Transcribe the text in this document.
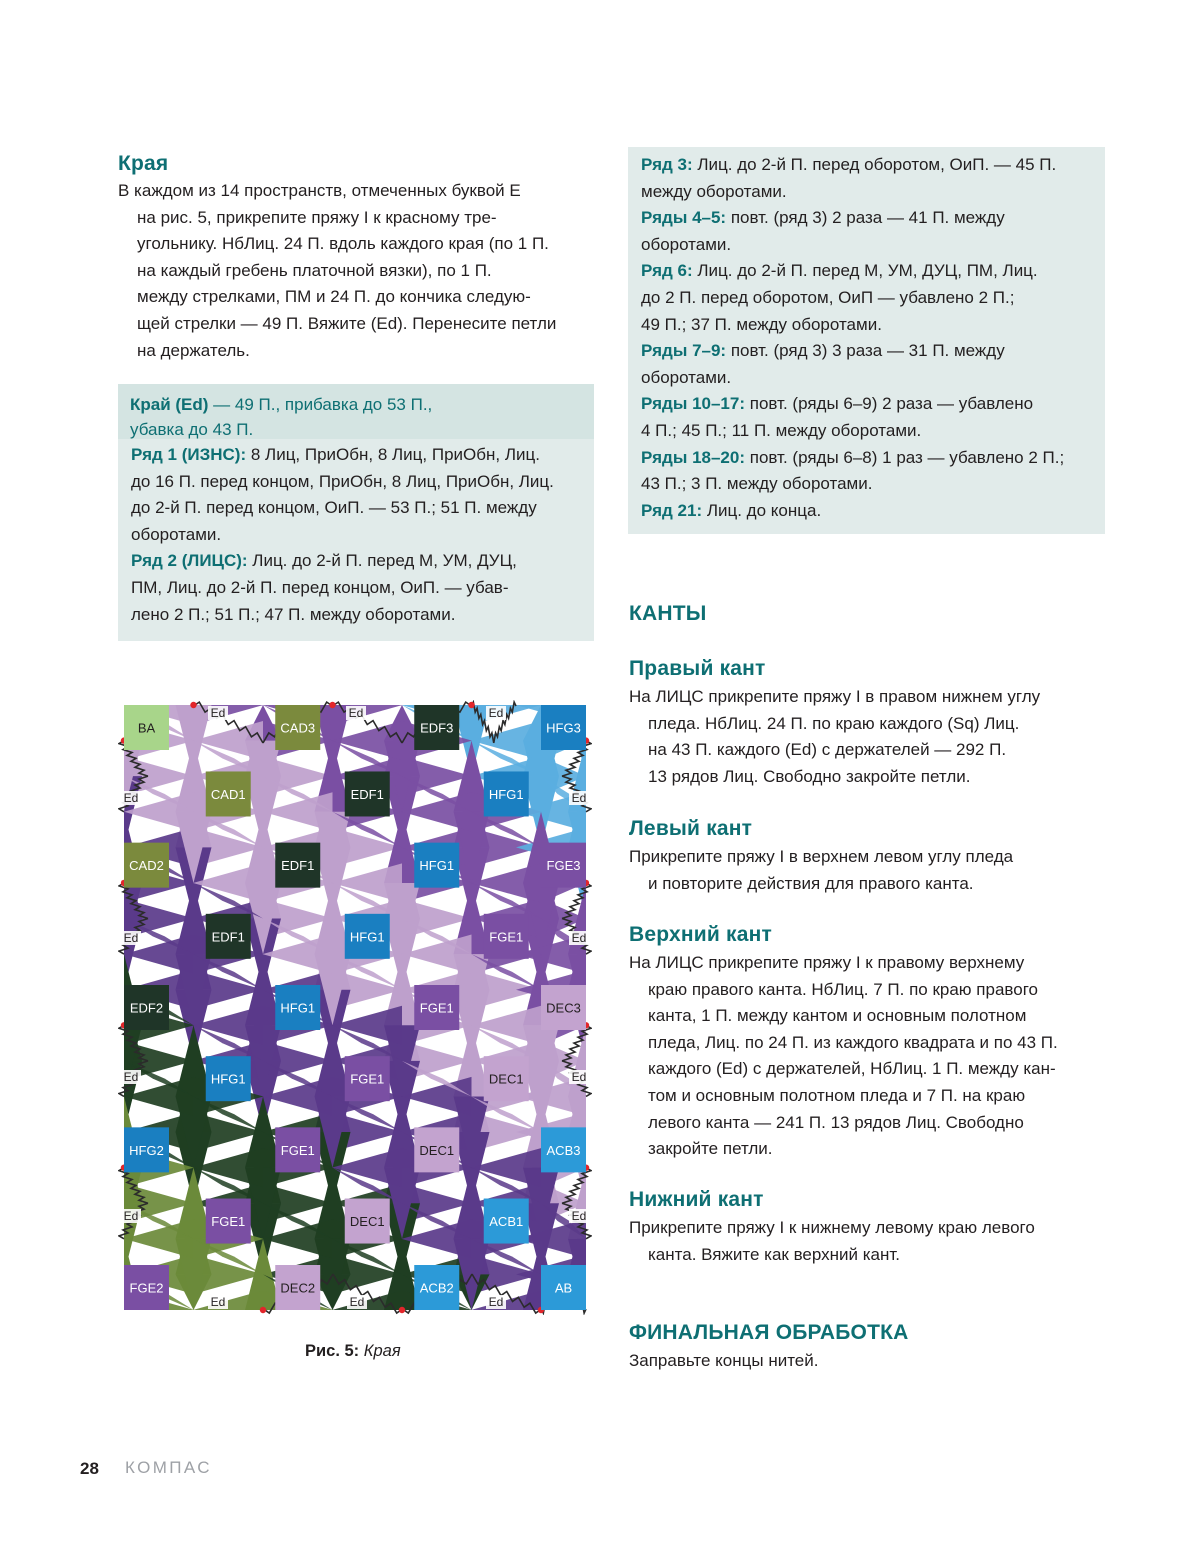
Края
В каждом из 14 пространств, отмеченных буквой E
на рис. 5, прикрепите пряжу I к красному тре-
угольнику. НбЛиц. 24 П. вдоль каждого края (по 1 П.
на каждый гребень платочной вязки), по 1 П.
между стрелками, ПМ и 24 П. до кончика следую-
щей стрелки — 49 П. Вяжите (Ed). Перенесите петли
на держатель.
Край (Ed) — 49 П., прибавка до 53 П.,
убавка до 43 П.
Ряд 1 (ИЗНС): 8 Лиц, ПриОбн, 8 Лиц, ПриОбн, Лиц.
до 16 П. перед концом, ПриОбн, 8 Лиц, ПриОбн, Лиц.
до 2-й П. перед концом, ОиП. — 53 П.; 51 П. между
оборотами.
Ряд 2 (ЛИЦС): Лиц. до 2-й П. перед М, УМ, ДУЦ,
ПМ, Лиц. до 2-й П. перед концом, ОиП. — убав-
лено 2 П.; 51 П.; 47 П. между оборотами.
BA	CAD3	EDF3	HFG3
CAD1	EDF1	HFG1
CAD2	EDF1	HFG1	FGE3
EDF1	HFG1	FGE1
EDF2	HFG1	FGE1	DEC3
HFG1	FGE1	DEC1
HFG2	FGE1	DEC1	ACB3
FGE1	DEC1	ACB1
FGE2	DEC2	ACB2	AB
Ed	Ed	Ed
Ed	Ed
Ed	Ed
Ed	Ed
Ed	Ed
Ed	Ed	Ed
Рис. 5: Края
Ряд 3: Лиц. до 2-й П. перед оборотом, ОиП. — 45 П.
между оборотами.
Ряды 4–5: повт. (ряд 3) 2 раза — 41 П. между
оборотами.
Ряд 6: Лиц. до 2-й П. перед М, УМ, ДУЦ, ПМ, Лиц.
до 2 П. перед оборотом, ОиП — убавлено 2 П.;
49 П.; 37 П. между оборотами.
Ряды 7–9: повт. (ряд 3) 3 раза — 31 П. между
оборотами.
Ряды 10–17: повт. (ряды 6–9) 2 раза — убавлено
4 П.; 45 П.; 11 П. между оборотами.
Ряды 18–20: повт. (ряды 6–8) 1 раз — убавлено 2 П.;
43 П.; 3 П. между оборотами.
Ряд 21: Лиц. до конца.
КАНТЫ
Правый кант
На ЛИЦС прикрепите пряжу I в правом нижнем углу
пледа. НбЛиц. 24 П. по краю каждого (Sq) Лиц.
на 43 П. каждого (Ed) с держателей — 292 П.
13 рядов Лиц. Свободно закройте петли.
Левый кант
Прикрепите пряжу I в верхнем левом углу пледа
и повторите действия для правого канта.
Верхний кант
На ЛИЦС прикрепите пряжу I к правому верхнему
краю правого канта. НбЛиц. 7 П. по краю правого
канта, 1 П. между кантом и основным полотном
пледа, Лиц. по 24 П. из каждого квадрата и по 43 П.
каждого (Ed) с держателей, НбЛиц. 1 П. между кан-
том и основным полотном пледа и 7 П. на краю
левого канта — 241 П. 13 рядов Лиц. Свободно
закройте петли.
Нижний кант
Прикрепите пряжу I к нижнему левому краю левого
канта. Вяжите как верхний кант.
ФИНАЛЬНАЯ ОБРАБОТКА
Заправьте концы нитей.
28 КОМПАС
